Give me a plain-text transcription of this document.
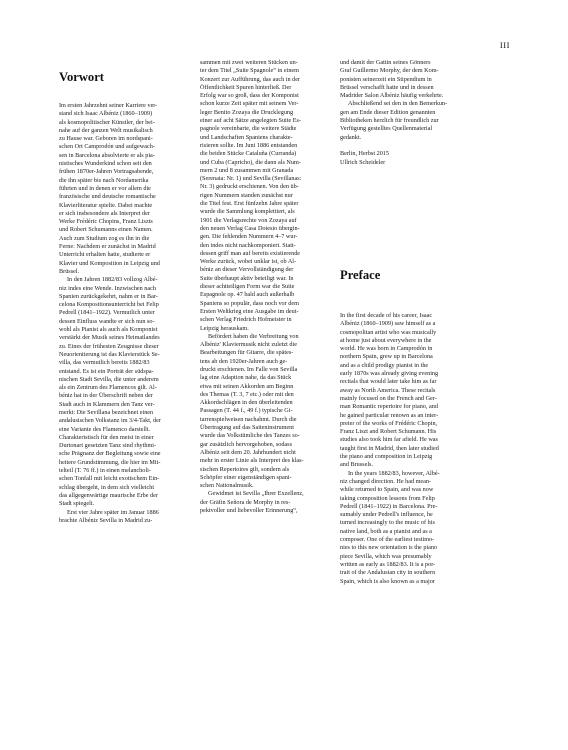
III
Vorwort

Im ersten Jahrzehnt seiner Karriere ver-

stand sich Isaac Albéniz (1860–1909)

als kosmopolitischer Künstler, der bei-

nahe auf der ganzen Welt musikalisch

zu Hause war. Geboren im nordspani-

schen Ort Camprodón und aufgewach-

sen in Barcelona absolvierte er als pia-

nistisches Wunderkind schon seit den

frühen 1870er-Jahren Vortragsabende,

die ihn später bis nach Nordamerika

führten und in denen er vor allem die

französische und deutsche romantische

Klavierliteratur spielte. Dabei machte

er sich insbesondere als Interpret der

Werke Frédéric Chopins, Franz Liszts

und Robert Schumanns einen Namen.

Auch zum Studium zog es ihn in die

Ferne: Nachdem er zunächst in Madrid

Unterricht erhalten hatte, studierte er

Klavier und Komposition in Leipzig und

Brüssel.

In den Jahren 1882/83 vollzog Albé-

niz indes eine Wende. Inzwischen nach

Spanien zurückgekehrt, nahm er in Bar-

celona Kompositionsunterricht bei Felip

Pedrell (1841–1922). Vermutlich unter

dessen Einfluss wandte er sich nun so-

wohl als Pianist als auch als Komponist

verstärkt der Musik seines Heimatlandes

zu. Eines der frühesten Zeugnisse dieser

Neuorientierung ist das Klavierstück Se-

villa, das vermutlich bereits 1882/83

entstand. Es ist ein Porträt der südspa-

nischen Stadt Sevilla, die unter anderem

als ein Zentrum des Flamencos gilt. Al-

béniz hat in der Überschrift neben der

Stadt auch in Klammern den Tanz ver-

merkt: Die Sevillana bezeichnet einen

andalusischen Volkstanz im 3/4-Takt, der

eine Variante des Flamenco darstellt.

Charakteristisch für den meist in einer

Durtonart gesetzten Tanz sind rhythmi-

sche Prägnanz der Begleitung sowie eine

heitere Grundstimmung, die hier im Mit-

telteil (T. 76 ff.) in einen melancholi-

schen Tonfall mit leicht exotischem Ein-

schlag übergeht, in dem sich vielleicht

das allgegenwärtige maurische Erbe der

Stadt spiegelt.

Erst vier Jahre später im Januar 1886

brachte Albéniz Sevilla in Madrid zu-

sammen mit zwei weiteren Stücken un-

ter dem Titel „Suite Spagnole“ in einem

Konzert zur Aufführung, das auch in der

Öffentlichkeit Spuren hinterließ. Der

Erfolg war so groß, dass der Komponist

schon kurze Zeit später mit seinem Ver-

leger Benito Zozaya die Drucklegung

einer auf acht Sätze angelegten Suite Es-

pagnole vereinbarte, die weitere Städte

und Landschaften Spaniens charakte-

risieren sollte. Im Juni 1886 entstanden

die beiden Stücke Cataluña (Curranda)

und Cuba (Capricho), die dann als Num-

mern 2 und 8 zusammen mit Granada

(Serenata: Nr. 1) und Sevilla (Sevillanas:

Nr. 3) gedruckt erschienen. Von den üb-

rigen Nummern standen zunächst nur

die Titel fest. Erst fünfzehn Jahre später

wurde die Sammlung komplettiert, als

1901 die Verlagsrechte von Zozaya auf

den neuen Verlag Casa Dotesio übergin-

gen. Die fehlenden Nummern 4–7 wur-

den indes nicht nachkomponiert. Statt-

dessen griff man auf bereits existierende

Werke zurück, wobei unklar ist, ob Al-

béniz an dieser Vervollständigung der

Suite überhaupt aktiv beteiligt war. In

dieser achtteiligen Form war die Suite

Espagnole op. 47 bald auch außerhalb

Spaniens so populär, dass noch vor dem

Ersten Weltkrieg eine Ausgabe im deut-

schen Verlag Friedrich Hofmeister in

Leipzig herauskam.

Befördert haben die Verbreitung von

Albéniz' Klaviermusik nicht zuletzt die

Bearbeitungen für Gitarre, die spätes-

tens ab den 1920er-Jahren auch ge-

druckt erschienen. Im Falle von Sevilla

lag eine Adaption nahe, da das Stück

etwa mit seinen Akkorden am Beginn

des Themas (T. 3, 7 etc.) oder mit den

Akkordschlägen in den überleitenden

Passagen (T. 44 f., 49 f.) typische Gi-

tarrenspielweisen nachahmt. Durch die

Übertragung auf das Saiteninstrument

wurde das Volkstümliche des Tanzes so-

gar zusätzlich hervorgehoben, sodass

Albéniz seit dem 20. Jahrhundert nicht

mehr in erster Linie als Interpret des klas-

sischen Repertoires gilt, sondern als

Schöpfer einer eigenständigen spani-

schen Nationalmusik.

Gewidmet ist Sevilla „Ihrer Exzellenz,

der Gräfin Señora de Morphy in res-

pektvoller und liebevoller Erinnerung“,

und damit der Gattin seines Gönners

Graf Guillermo Morphy, der dem Kom-

ponisten seinerzeit ein Stipendium in

Brüssel verschafft hatte und in dessen

Madrider Salon Albéniz häufig verkehrte.

Abschließend sei den in den Bemerkun-

gen am Ende dieser Edition genannten

Bibliotheken herzlich für freundlich zur

Verfügung gestelltes Quellenmaterial

gedankt.

Berlin, Herbst 2015

Ullrich Scheideler

Preface

In the first decade of his career, Isaac

Albéniz (1860–1909) saw himself as a

cosmopolitan artist who was musically

at home just about everywhere in the

world. He was born in Camprodón in

northern Spain, grew up in Barcelona

and as a child prodigy pianist in the

early 1870s was already giving evening

recitals that would later take him as far

away as North America. These recitals

mainly focused on the French and Ger-

man Romantic repertoire for piano, and

he gained particular renown as an inter-

preter of the works of Frédéric Chopin,

Franz Liszt and Robert Schumann. His

studies also took him far afield. He was

taught first in Madrid, then later studied

the piano and composition in Leipzig

and Brussels.

In the years 1882/83, however, Albé-

niz changed direction. He had mean-

while returned to Spain, and was now

taking composition lessons from Felip

Pedrell (1841–1922) in Barcelona. Pre-

sumably under Pedrell's influence, he

turned increasingly to the music of his

native land, both as a pianist and as a

composer. One of the earliest testimo-

nies to this new orientation is the piano

piece Sevilla, which was presumably

written as early as 1882/83. It is a por-

trait of the Andalusian city in southern

Spain, which is also known as a major
